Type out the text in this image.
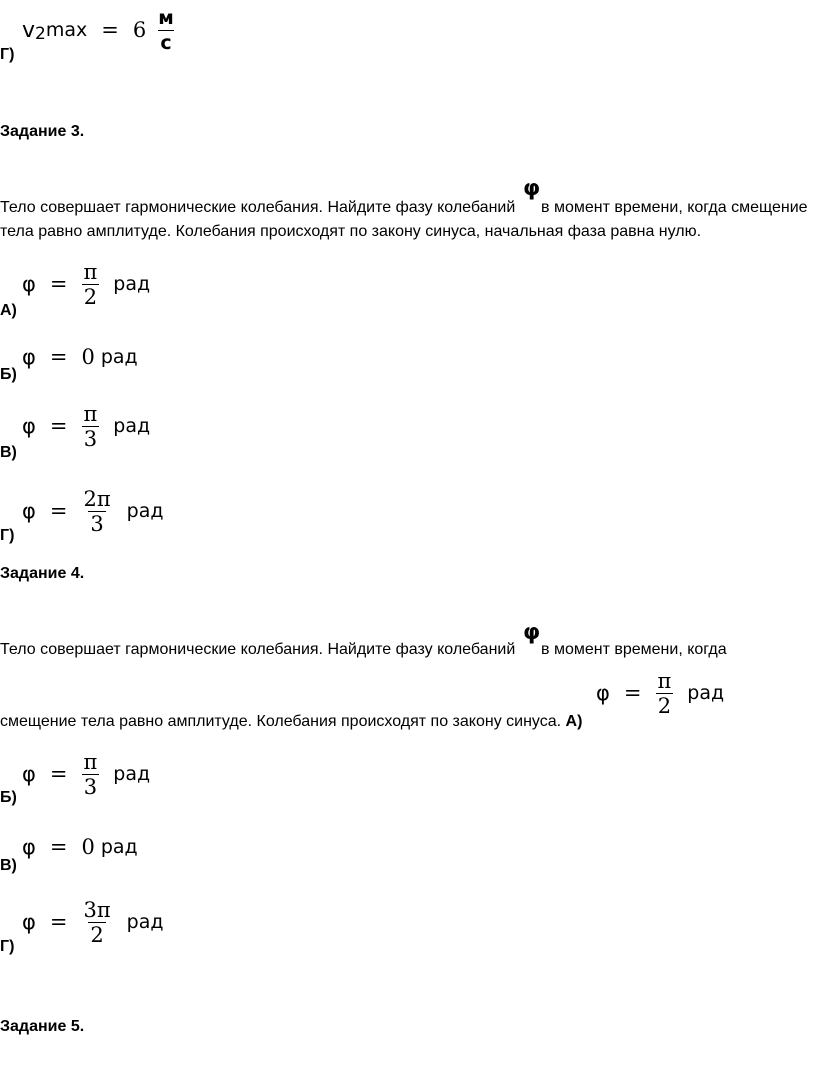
v 2 $\max = 6 \frac{м}{с}$
Г)
Задание 3.
Тело совершает гармонические колебания. Найдите фазу колебаний
φ
в момент времени, когда смещение
тела равно амплитуде. Колебания происходят по закону синуса, начальная фаза равна нулю.
$\varphi = \frac{\pi}{2}$ рад
А)
φ = 0 рад
Б)
$\varphi = \frac{\pi}{3}$ рад
В)
$\varphi = \frac{2\pi}{3}$ рад
Г)
Задание 4.
Тело совершает гармонические колебания. Найдите фазу колебаний
φ
в момент времени, когда
$\varphi = \frac{\pi}{2}$ рад
смещение тела равно амплитуде. Колебания происходят по закону синуса. А)
$\varphi = \frac{\pi}{3}$ рад
Б)
φ = 0 рад
В)
$\varphi = \frac{3\pi}{2}$ рад
Г)
Задание 5.
